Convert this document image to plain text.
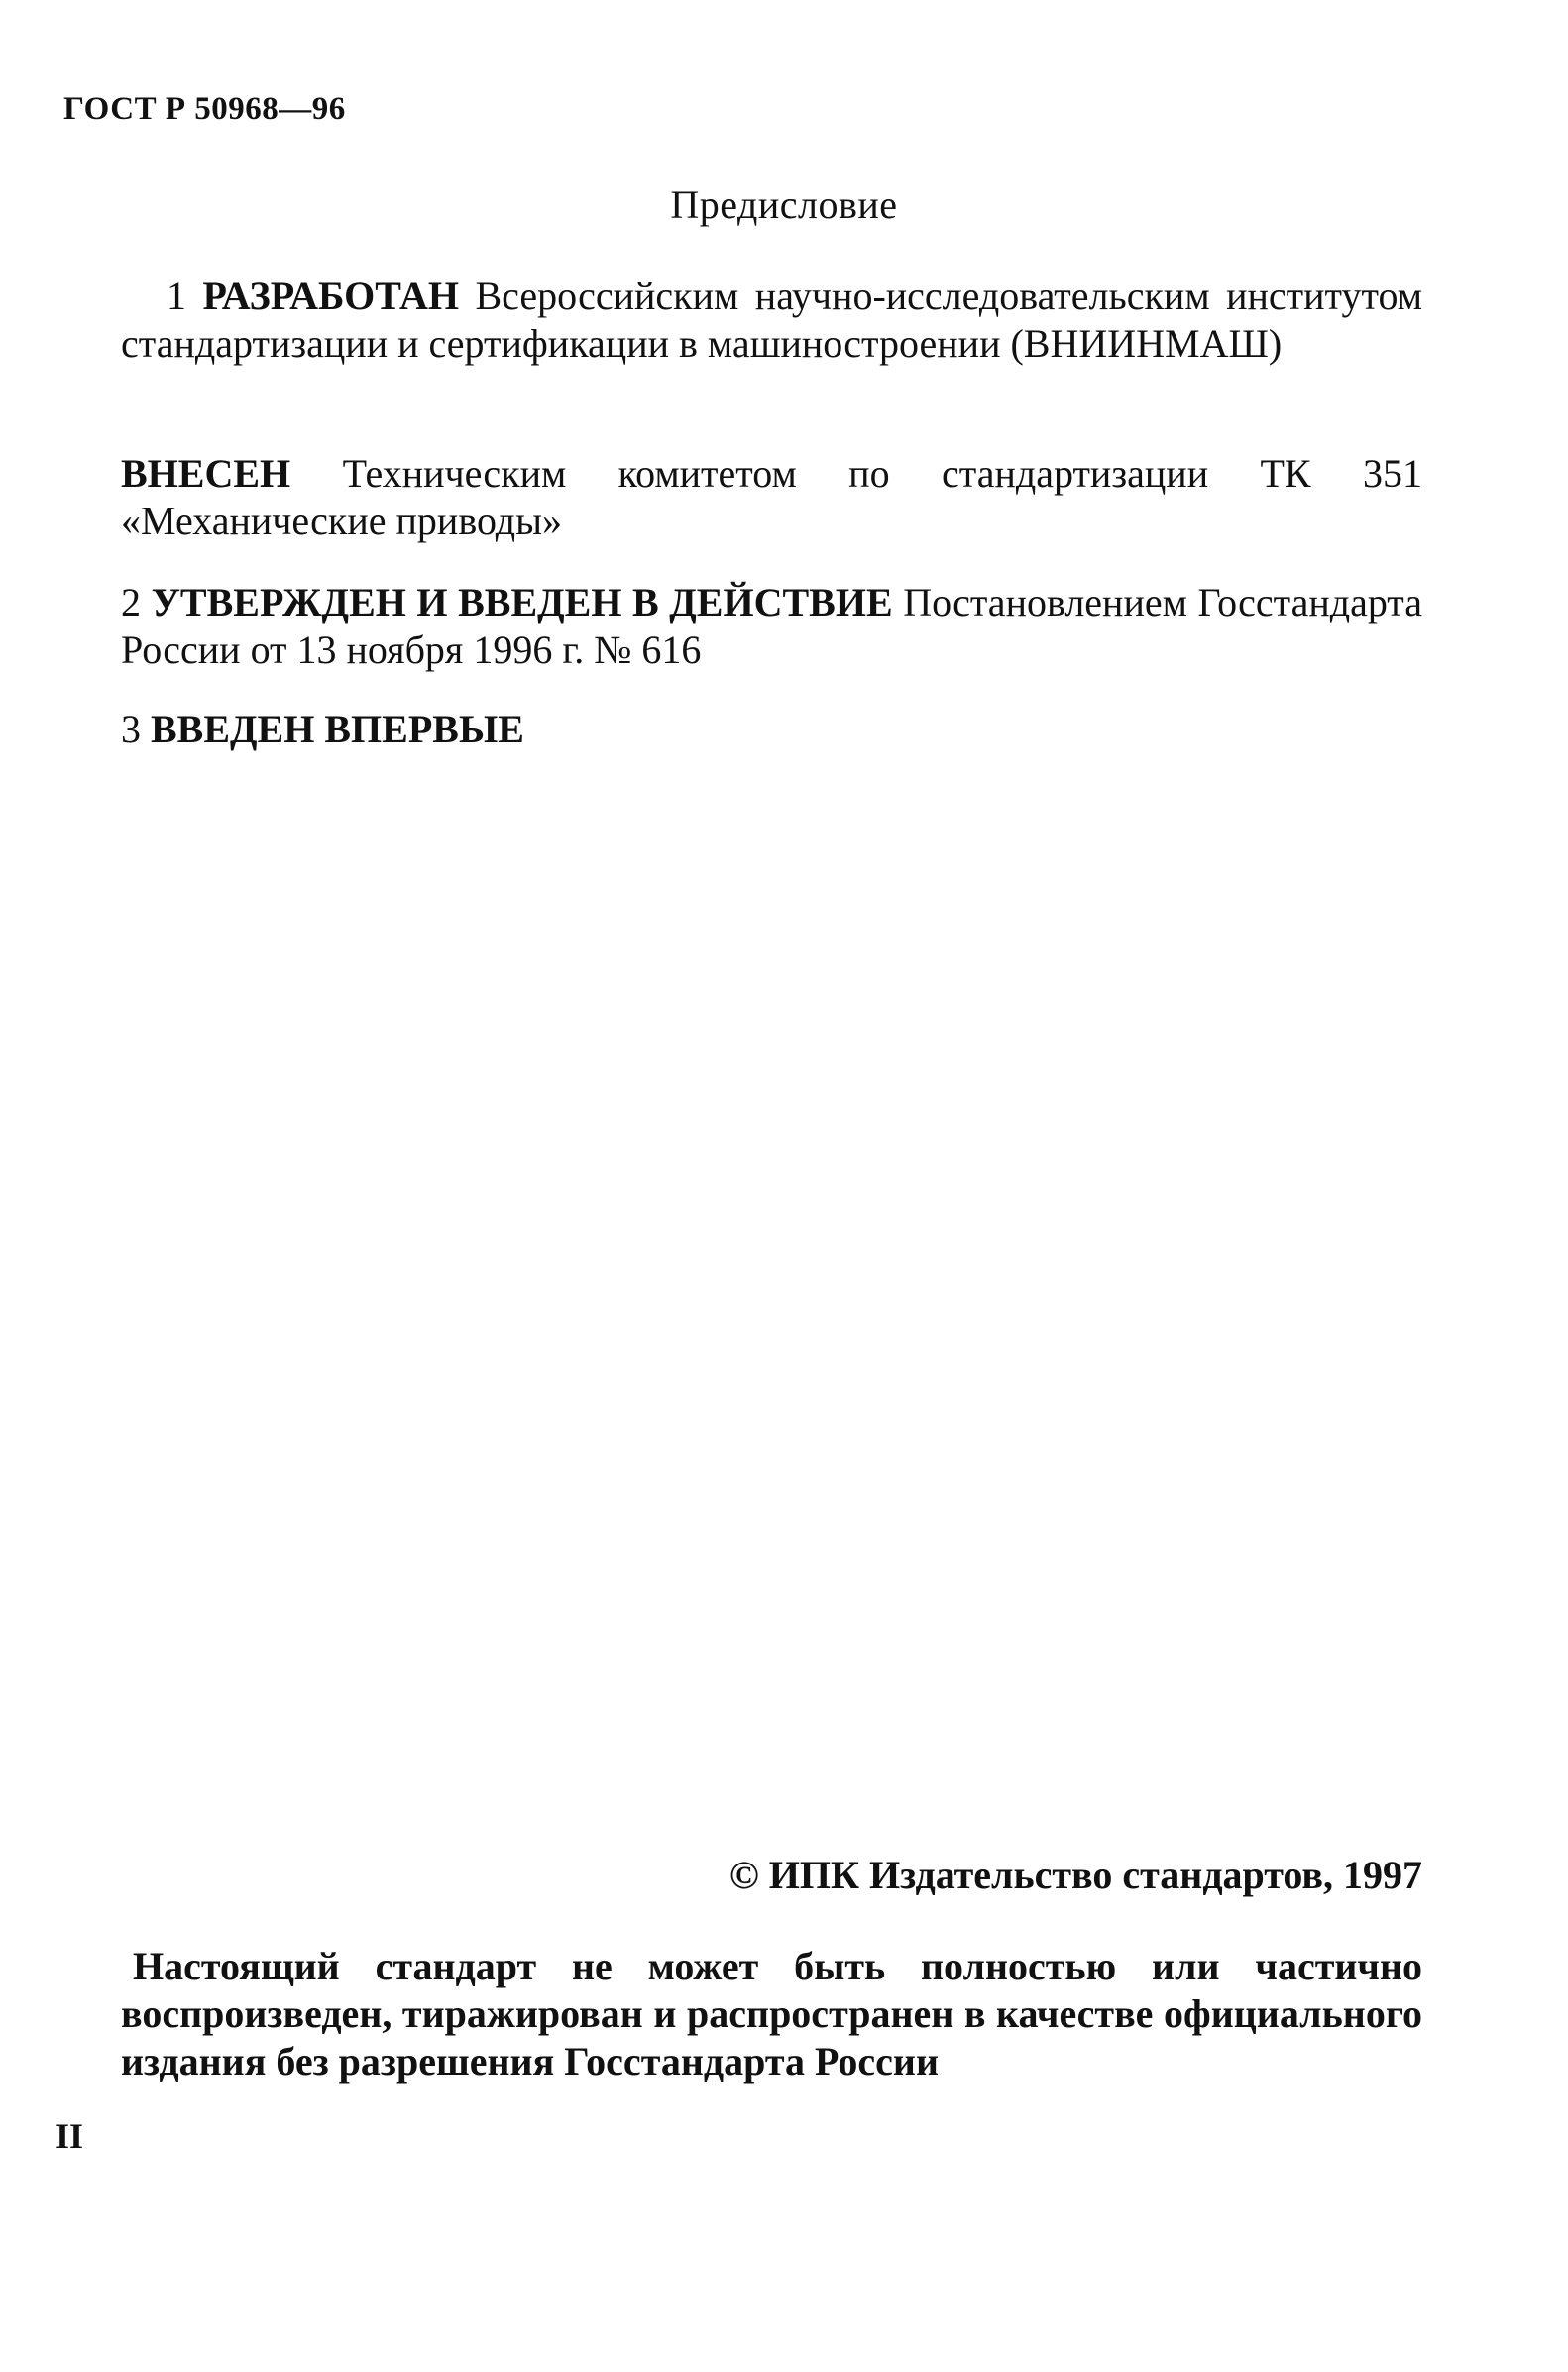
ГОСТ Р 50968—96
Предисловие
1 РАЗРАБОТАН Всероссийским научно-исследовательским институтом стандартизации и сертификации в машиностроении (ВНИИНМАШ)
ВНЕСЕН Техническим комитетом по стандартизации ТК 351 «Механические приводы»
2 УТВЕРЖДЕН И ВВЕДЕН В ДЕЙСТВИЕ Постановлением Госстандарта России от 13 ноября 1996 г. № 616
3 ВВЕДЕН ВПЕРВЫЕ
© ИПК Издательство стандартов, 1997
Настоящий стандарт не может быть полностью или частично воспроизведен, тиражирован и распространен в качестве официального издания без разрешения Госстандарта России
II
